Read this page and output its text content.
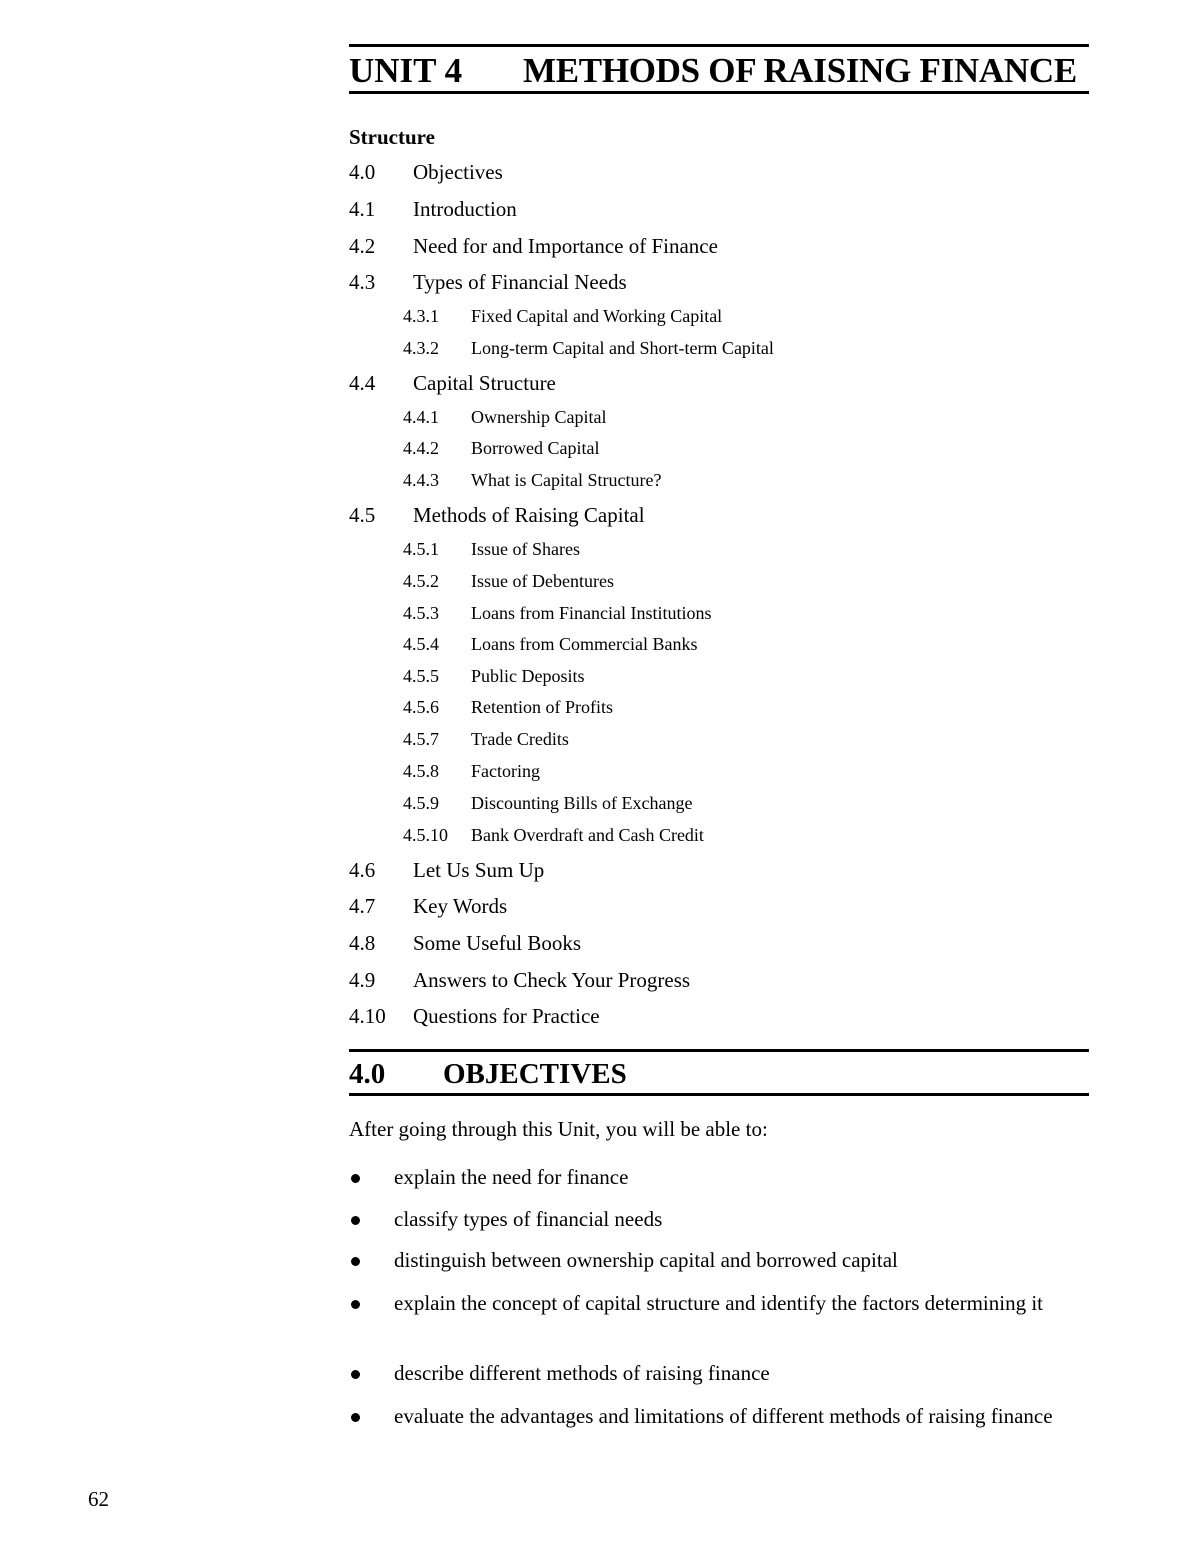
UNIT 4 METHODS OF RAISING FINANCE
Structure
4.0 Objectives
4.1 Introduction
4.2 Need for and Importance of Finance
4.3 Types of Financial Needs
4.3.1 Fixed Capital and Working Capital
4.3.2 Long-term Capital and Short-term Capital
4.4 Capital Structure
4.4.1 Ownership Capital
4.4.2 Borrowed Capital
4.4.3 What is Capital Structure?
4.5 Methods of Raising Capital
4.5.1 Issue of Shares
4.5.2 Issue of Debentures
4.5.3 Loans from Financial Institutions
4.5.4 Loans from Commercial Banks
4.5.5 Public Deposits
4.5.6 Retention of Profits
4.5.7 Trade Credits
4.5.8 Factoring
4.5.9 Discounting Bills of Exchange
4.5.10 Bank Overdraft and Cash Credit
4.6 Let Us Sum Up
4.7 Key Words
4.8 Some Useful Books
4.9 Answers to Check Your Progress
4.10 Questions for Practice
4.0 OBJECTIVES
After going through this Unit, you will be able to:
explain the need for finance
classify types of financial needs
distinguish between ownership capital and borrowed capital
explain the concept of capital structure and identify the factors determining it
describe different methods of raising finance
evaluate the advantages and limitations of different methods of raising finance
62
